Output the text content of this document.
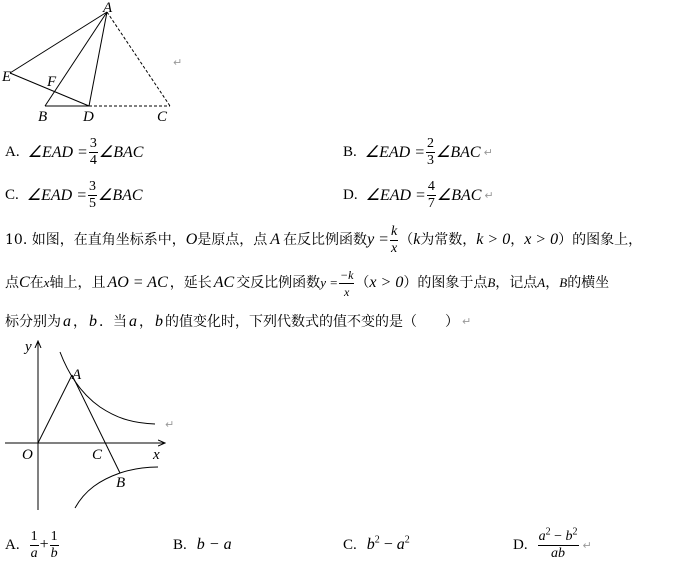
A
E F
B D	C
↵
A. ∠EAD = $\frac{3}{4}$ ∠BAC	B. ∠EAD = $\frac{2}{3}$ ∠BAC ↵
C. ∠EAD = $\frac{3}{5}$ ∠BAC	D. ∠EAD = $\frac{4}{7}$ ∠BAC ↵
10. 如图，在直角坐标系中， O 是原点，点 A 在反比例函数 $y = \frac{k}{x}$ （ k 为常数， k > 0 ， x > 0 ）的图象上，
点 C 在 x 轴上，且 AO = AC ，延长 AC 交反比例函数 $y = \frac{-k}{x}$ （ x > 0 ）的图象于点 B ，记点 A ， B 的横坐
标分别为 a ， b ．当 a ， b 的值变化时，下列代数式的值不变的是（　　） ↵
y
A
O	C	x
B
↵
A. $\frac{1}{a} + \frac{1}{b}$	B. b − a	C. $b^2 - a^2$	D. $\frac{a^2 - b^2}{ab}$ ↵
